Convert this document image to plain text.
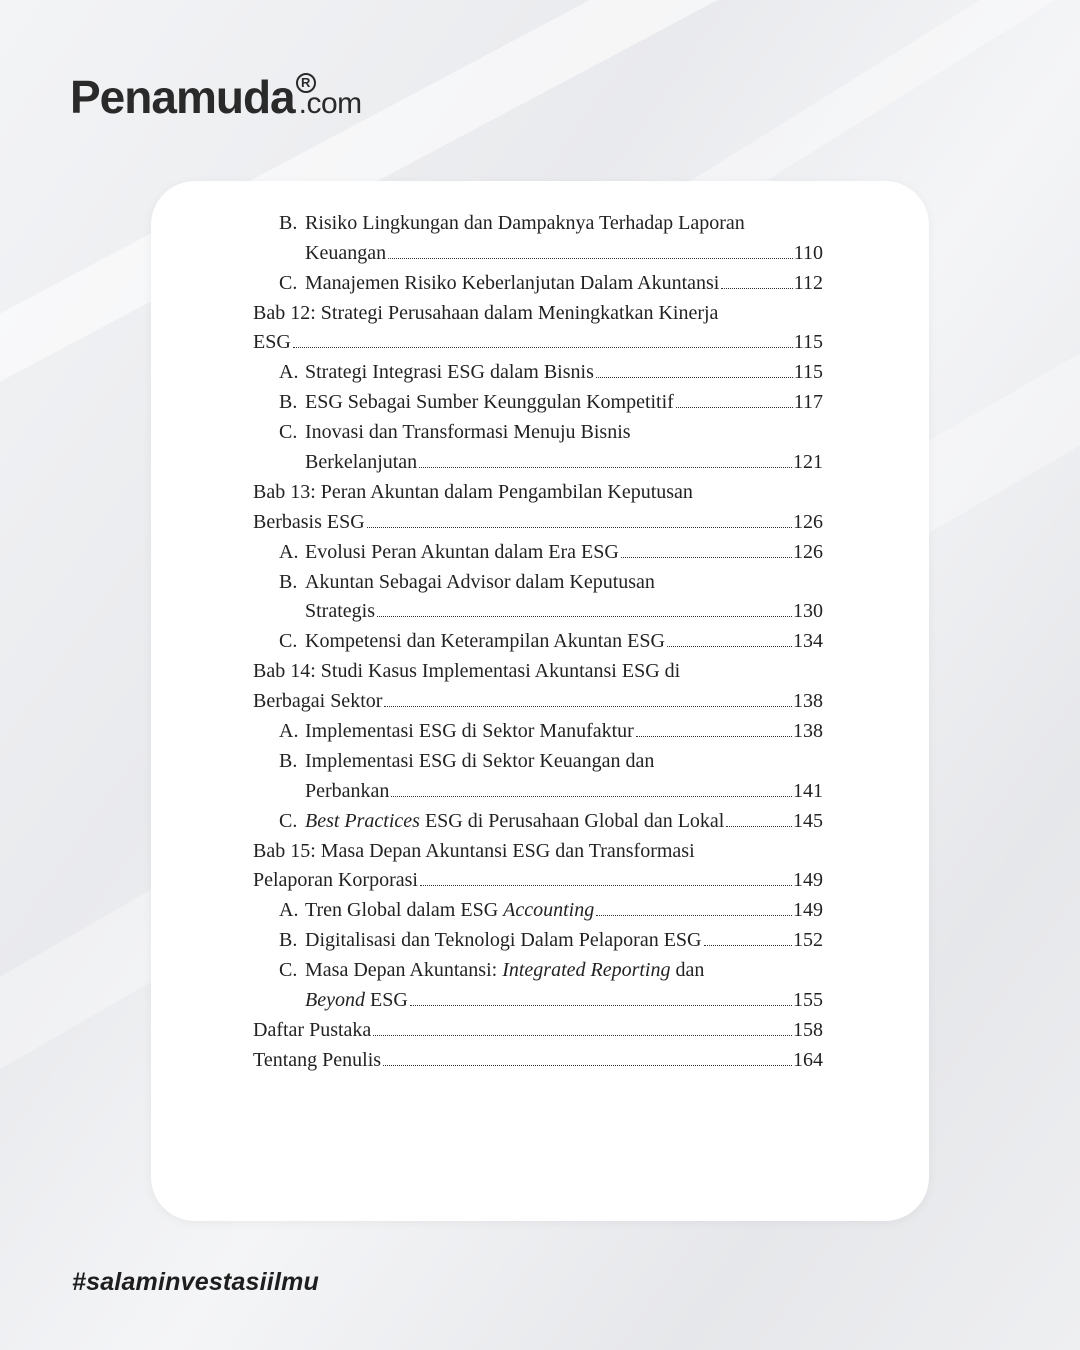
Penamuda R
.com
B. Risiko Lingkungan dan Dampaknya Terhadap Laporan
Keuangan	110
C. Manajemen Risiko Keberlanjutan Dalam Akuntansi	112
Bab 12: Strategi Perusahaan dalam Meningkatkan Kinerja
ESG	115
A. Strategi Integrasi ESG dalam Bisnis	115
B. ESG Sebagai Sumber Keunggulan Kompetitif	117
C. Inovasi dan Transformasi Menuju Bisnis
Berkelanjutan	121
Bab 13: Peran Akuntan dalam Pengambilan Keputusan
Berbasis ESG	126
A. Evolusi Peran Akuntan dalam Era ESG	126
B. Akuntan Sebagai Advisor dalam Keputusan
Strategis	130
C. Kompetensi dan Keterampilan Akuntan ESG	134
Bab 14: Studi Kasus Implementasi Akuntansi ESG di
Berbagai Sektor	138
A. Implementasi ESG di Sektor Manufaktur	138
B. Implementasi ESG di Sektor Keuangan dan
Perbankan	141
C. Best Practices ESG di Perusahaan Global dan Lokal	145
Bab 15: Masa Depan Akuntansi ESG dan Transformasi
Pelaporan Korporasi	149
A. Tren Global dalam ESG Accounting	149
B. Digitalisasi dan Teknologi Dalam Pelaporan ESG	152
C. Masa Depan Akuntansi: Integrated Reporting dan
Beyond ESG	155
Daftar Pustaka	158
Tentang Penulis	164
#salaminvestasiilmu
